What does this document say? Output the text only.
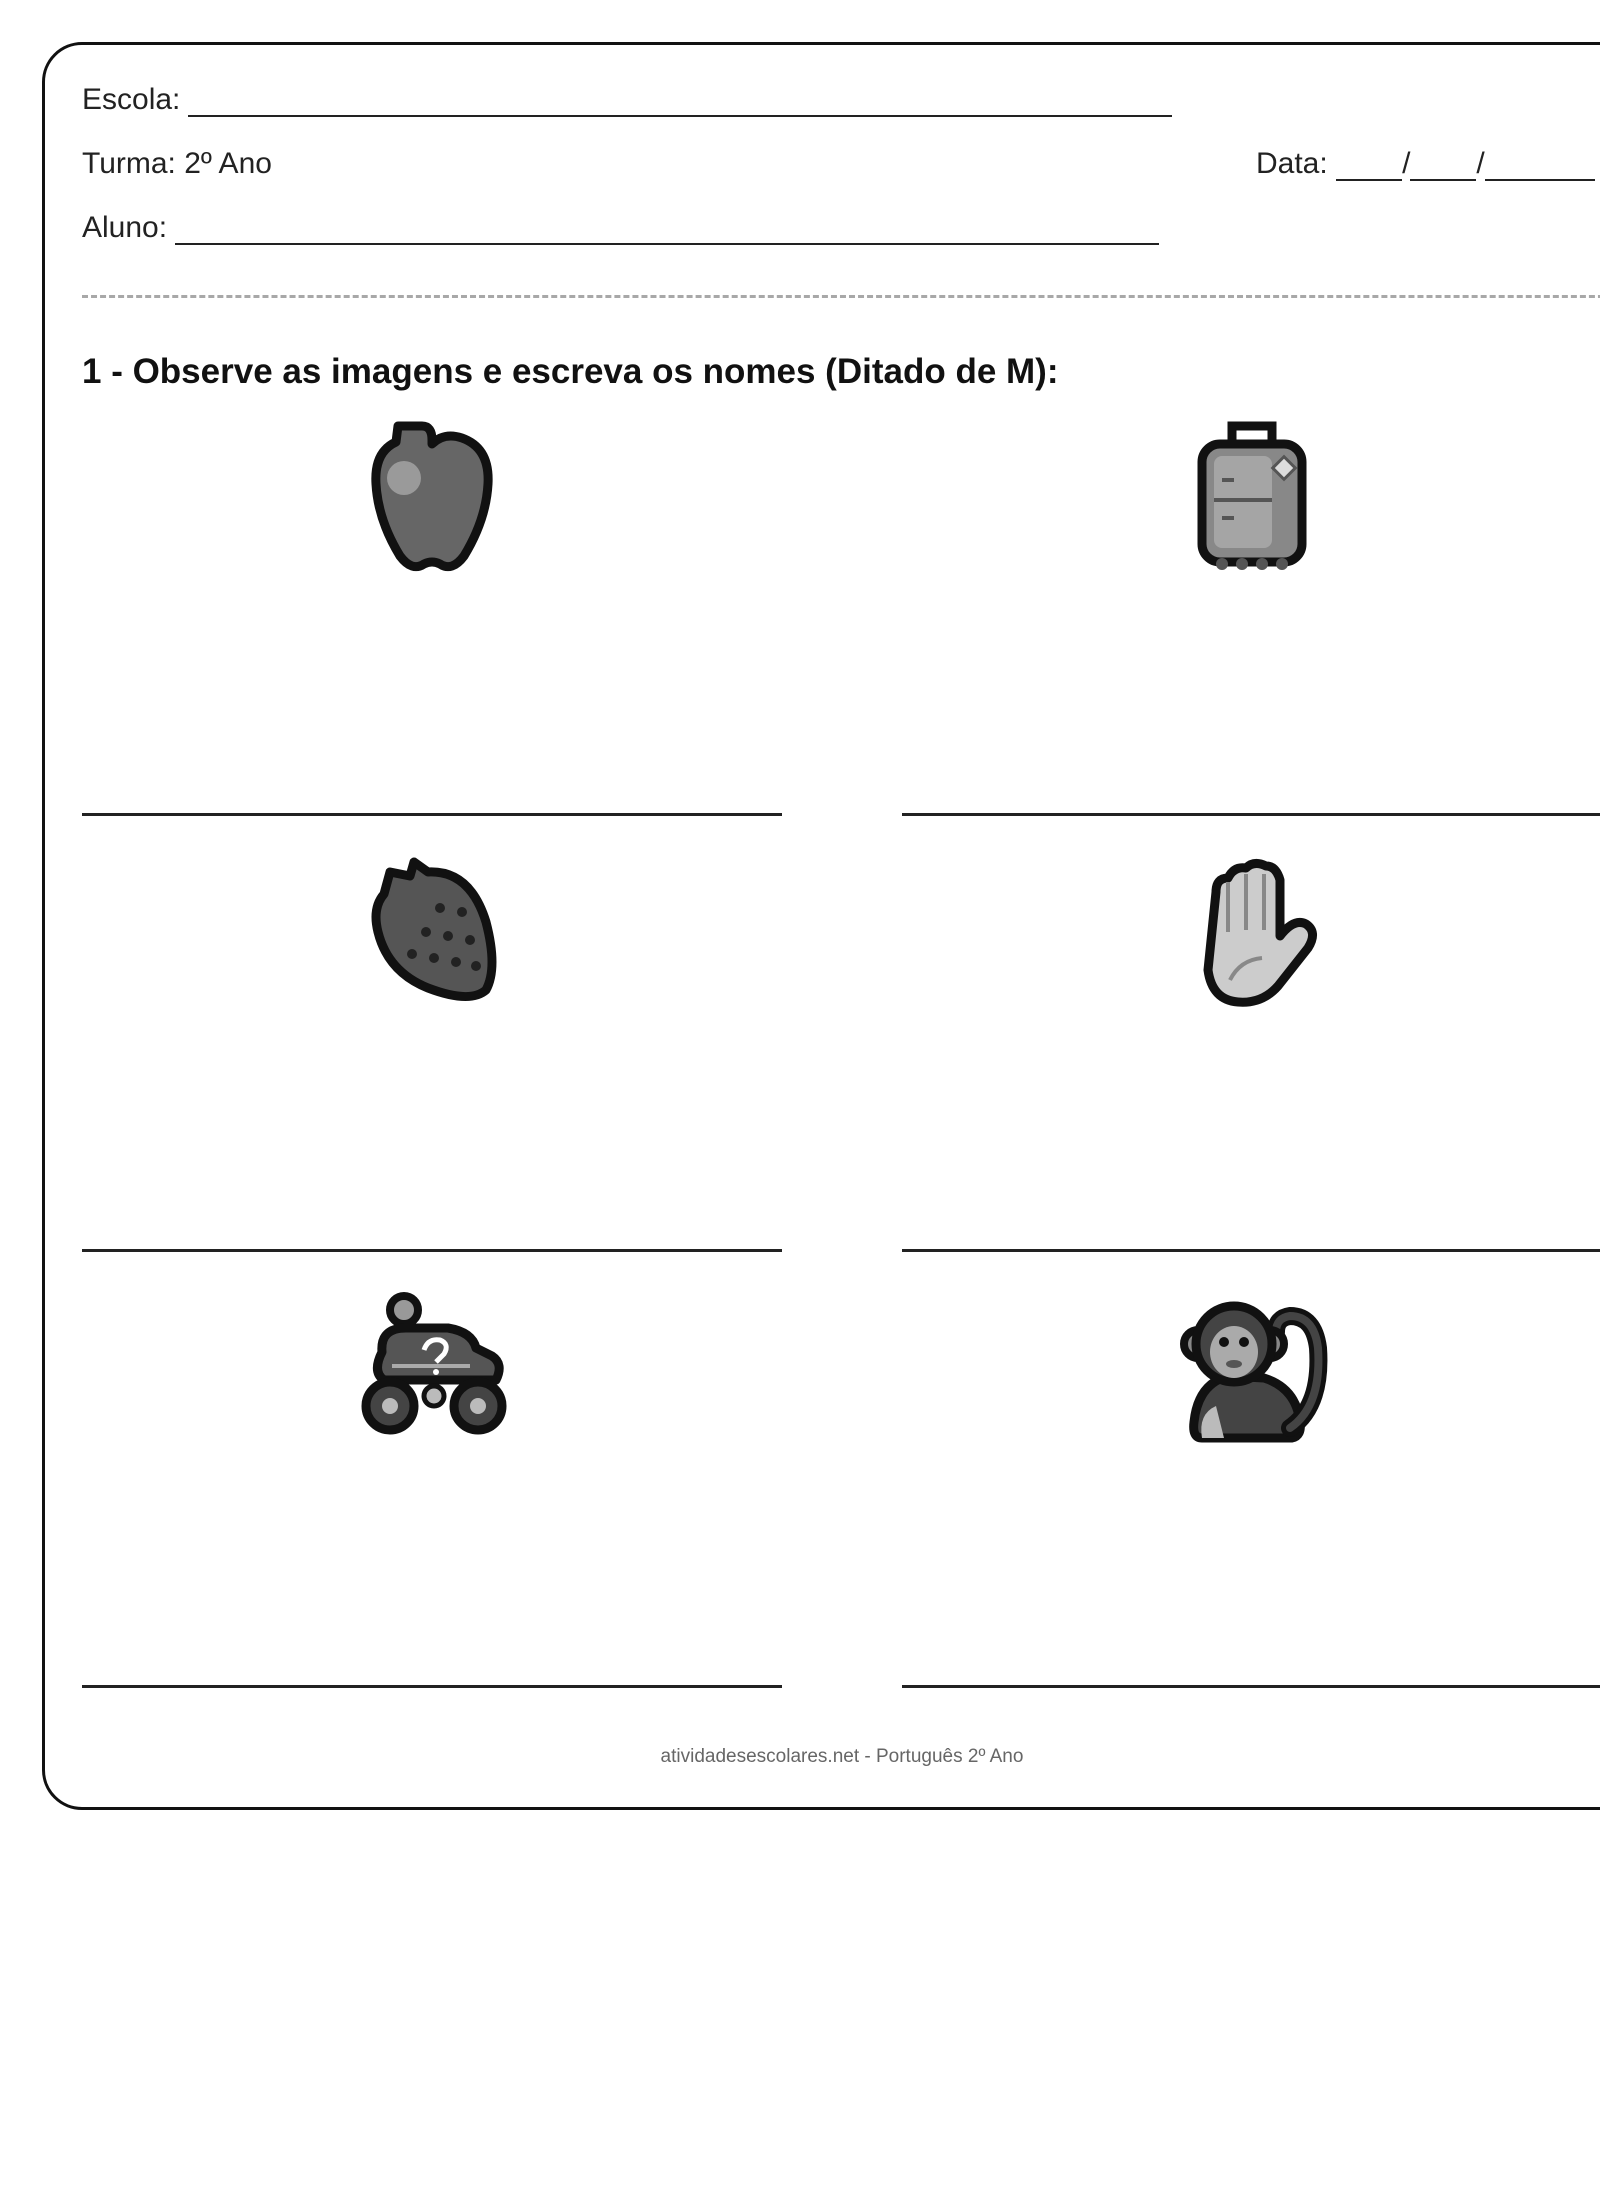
Escola:
Turma: 2º Ano	Data: / /
Aluno:
1 - Observe as imagens e escreva os nomes (Ditado de M):
atividadesescolares.net - Português 2º Ano
